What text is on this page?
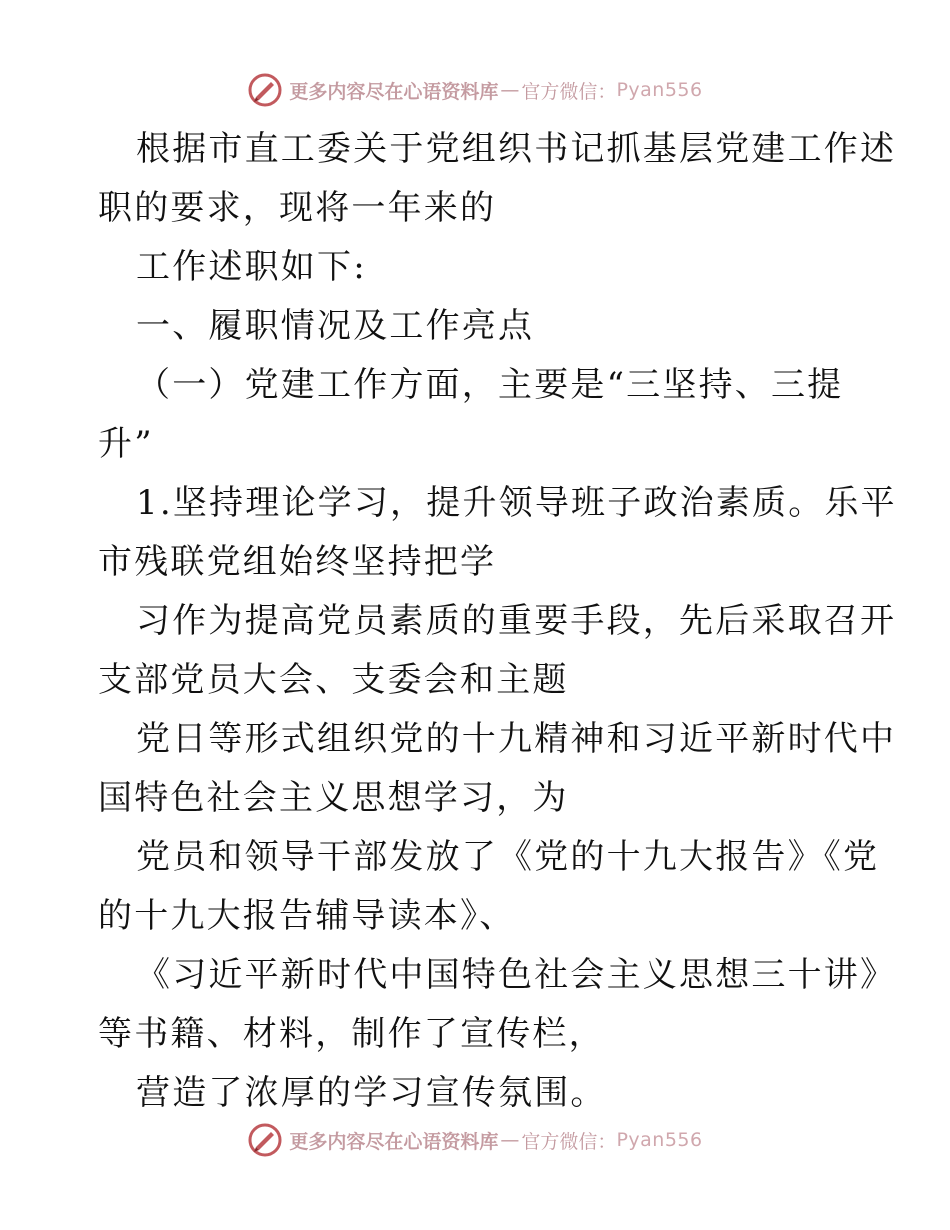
更多内容尽在心语资料库 — 官方微信： Pyan556
根据市直工委关于党组织书记抓基层党建工作述
职的要求，现将一年来的
工作述职如下:
一、履职情况及工作亮点
（一）党建工作方面，主要是“三坚持、三提
升”
1.坚持理论学习，提升领导班子政治素质。乐平
市残联党组始终坚持把学
习作为提高党员素质的重要手段，先后采取召开
支部党员大会、支委会和主题
党日等形式组织党的十九精神和习近平新时代中
国特色社会主义思想学习，为
党员和领导干部发放了《党的十九大报告》《党
的十九大报告辅导读本》、
《习近平新时代中国特色社会主义思想三十讲》
等书籍、材料，制作了宣传栏，
营造了浓厚的学习宣传氛围。
更多内容尽在心语资料库 — 官方微信： Pyan556
